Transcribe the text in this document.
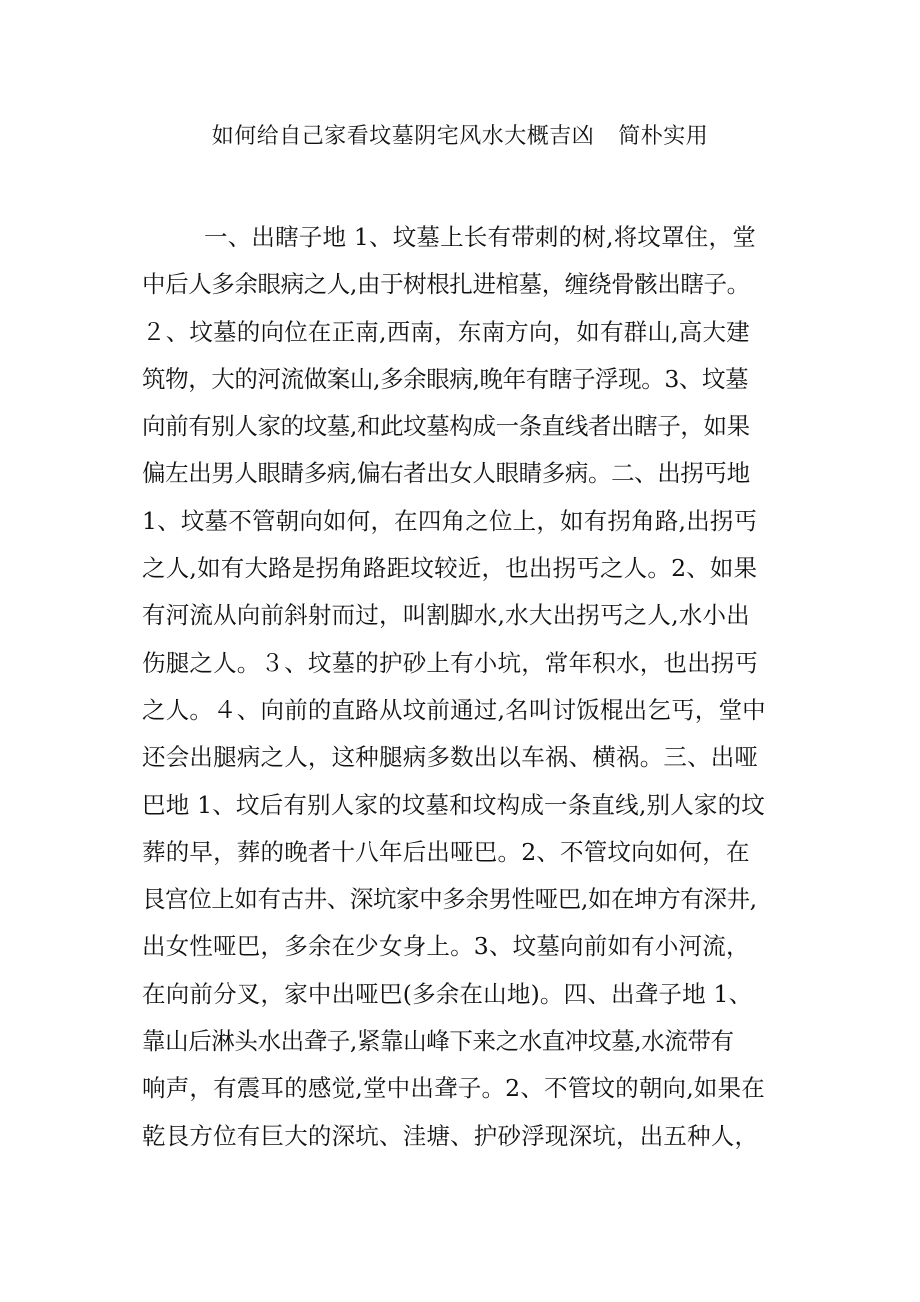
如何给自己家看坟墓阴宅风水大概吉凶 简朴实用
一、出瞎子地 1、坟墓上长有带刺的树,将坟罩住，堂
中后人多余眼病之人,由于树根扎进棺墓，缠绕骨骸出瞎子。
２、坟墓的向位在正南,西南，东南方向，如有群山,高大建
筑物，大的河流做案山,多余眼病,晚年有瞎子浮现。3、坟墓
向前有别人家的坟墓,和此坟墓构成一条直线者出瞎子，如果
偏左出男人眼睛多病,偏右者出女人眼睛多病。二、出拐丐地
1、坟墓不管朝向如何，在四角之位上，如有拐角路,出拐丐
之人,如有大路是拐角路距坟较近，也出拐丐之人。2、如果
有河流从向前斜射而过，叫割脚水,水大出拐丐之人,水小出
伤腿之人。３、坟墓的护砂上有小坑，常年积水，也出拐丐
之人。４、向前的直路从坟前通过,名叫讨饭棍出乞丐，堂中
还会出腿病之人，这种腿病多数出以车祸、横祸。三、出哑
巴地 1、坟后有别人家的坟墓和坟构成一条直线,别人家的坟
葬的早，葬的晚者十八年后出哑巴。2、不管坟向如何，在
艮宫位上如有古井、深坑家中多余男性哑巴,如在坤方有深井,
出女性哑巴，多余在少女身上。3、坟墓向前如有小河流，
在向前分叉，家中出哑巴(多余在山地)。四、出聋子地 1、
靠山后淋头水出聋子,紧靠山峰下来之水直冲坟墓,水流带有
响声，有震耳的感觉,堂中出聋子。2、不管坟的朝向,如果在
乾艮方位有巨大的深坑、洼塘、护砂浮现深坑，出五种人，
